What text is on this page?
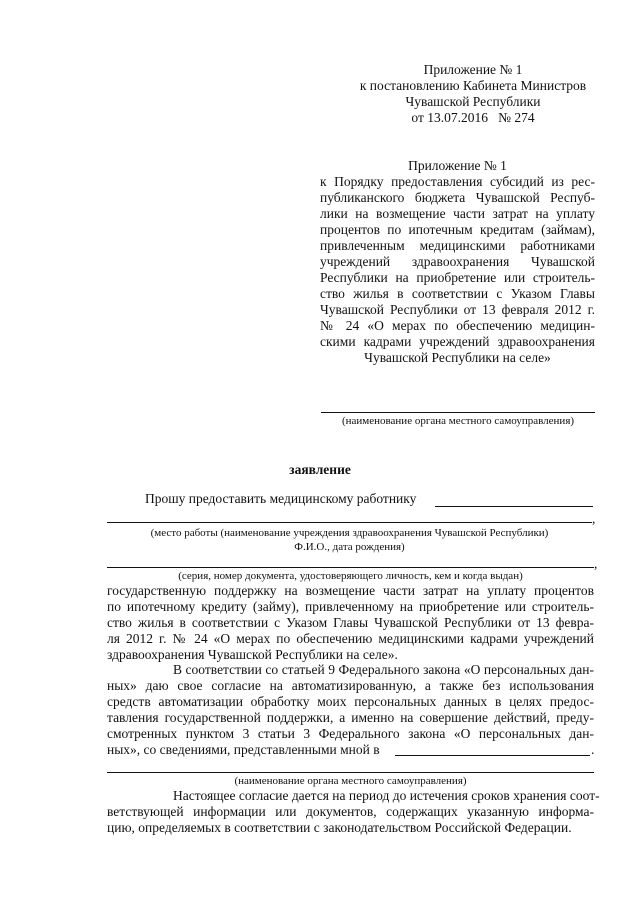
Приложение № 1
к постановлению Кабинета Министров
Чувашской Республики
от 13.07.2016   № 274
Приложение № 1
к Порядку предоставления субсидий из рес-
публиканского бюджета Чувашской Респуб-
лики на возмещение части затрат на уплату
процентов по ипотечным кредитам (займам),
привлеченным медицинскими работниками
учреждений здравоохранения Чувашской
Республики на приобретение или строитель-
ство жилья в соответствии с Указом Главы
Чувашской Республики от 13 февраля 2012 г.
№ 24 «О мерах по обеспечению медицин-
скими кадрами учреждений здравоохранения
Чувашской Республики на селе»
(наименование органа местного самоуправления)
заявление
Прошу предоставить медицинскому работнику
,
(место работы (наименование учреждения здравоохранения Чувашской Республики)
Ф.И.О., дата рождения)
,
(серия, номер документа, удостоверяющего личность, кем и когда выдан)
государственную поддержку на возмещение части затрат на уплату процентов
по ипотечному кредиту (займу), привлеченному на приобретение или строитель-
ство жилья в соответствии с Указом Главы Чувашской Республики от 13 февра-
ля 2012 г. № 24 «О мерах по обеспечению медицинскими кадрами учреждений
здравоохранения Чувашской Республики на селе».
В соответствии со статьей 9 Федерального закона «О персональных дан-
ных» даю свое согласие на автоматизированную, а также без использования
средств автоматизации обработку моих персональных данных в целях предос-
тавления государственной поддержки, а именно на совершение действий, преду-
смотренных пунктом 3 статьи 3 Федерального закона «О персональных дан-
ных», со сведениями, представленными мной в	.
(наименование органа местного самоуправления)
Настоящее согласие дается на период до истечения сроков хранения соот-
ветствующей информации или документов, содержащих указанную информа-
цию, определяемых в соответствии с законодательством Российской Федерации.
